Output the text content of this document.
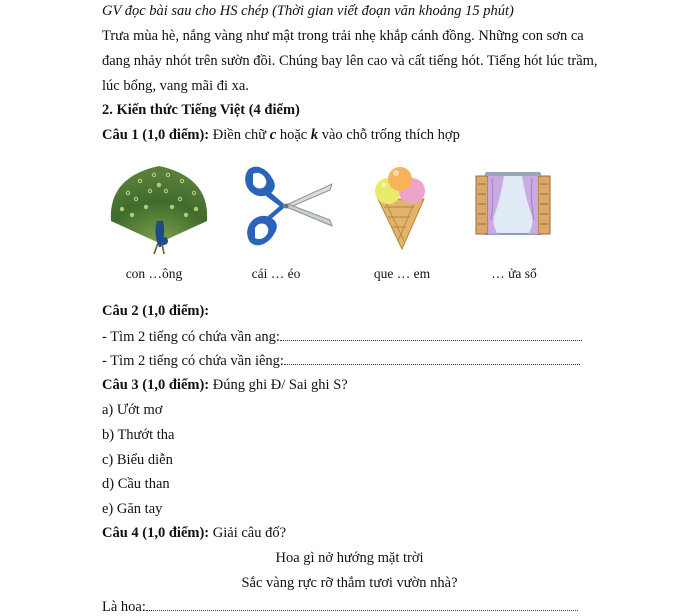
GV đọc bài sau cho HS chép (Thời gian viết đoạn văn khoảng 15 phút)
Trưa mùa hè, nắng vàng như mật trong trải nhẹ khắp cánh đồng. Những con sơn ca
đang nhảy nhót trên sườn đồi. Chúng bay lên cao và cất tiếng hót. Tiếng hót lúc trầm,
lúc bổng, vang mãi đi xa.
2. Kiến thức Tiếng Việt (4 điểm)
Câu 1 (1,0 điểm): Điền chữ c hoặc k vào chỗ trống thích hợp
con …ông	cái … éo	que … em	… ửa sổ
Câu 2 (1,0 điểm):
- Tìm 2 tiếng có chứa vần ang:
- Tìm 2 tiếng có chứa vần iêng:
Câu 3 (1,0 điểm): Đúng ghi Đ/ Sai ghi S?
a) Ướt mơ
b) Thướt tha
c) Biểu diễn
d) Cầu than
e) Găn tay
Câu 4 (1,0 điểm): Giải câu đố?
Hoa gì nở hướng mặt trời
Sắc vàng rực rỡ thắm tươi vườn nhà?
Là hoa:
